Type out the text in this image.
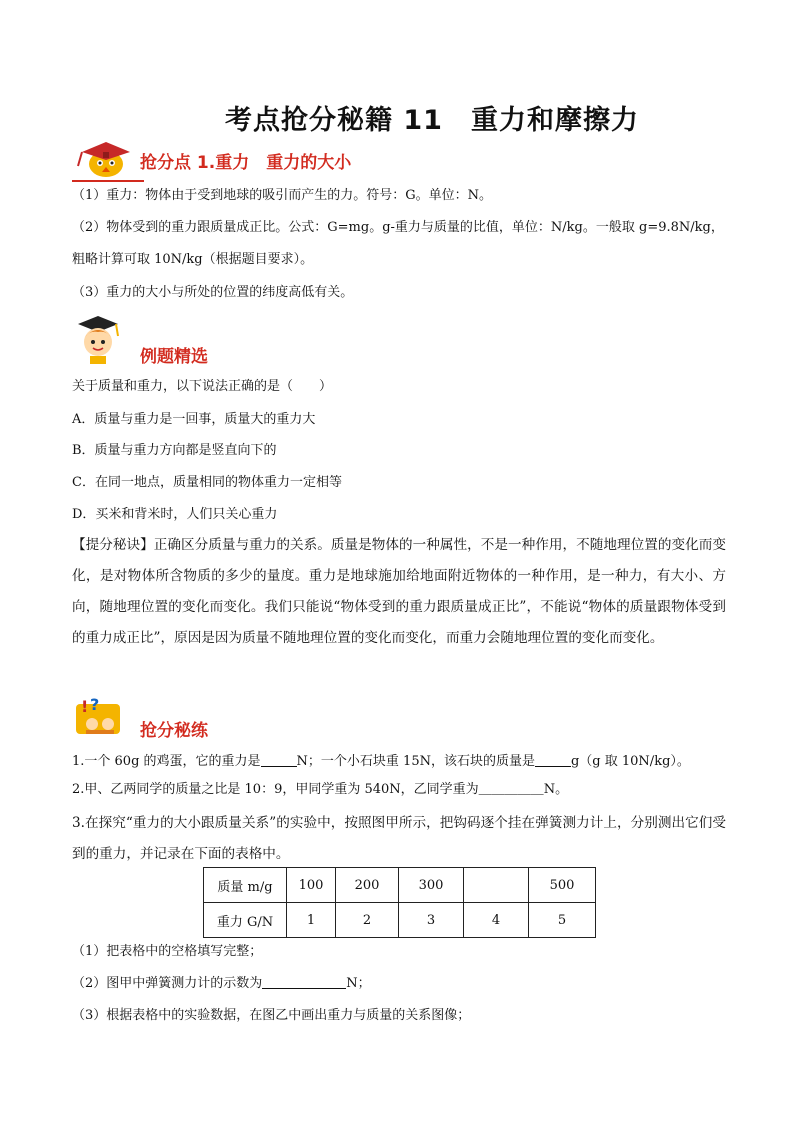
考点抢分秘籍 11　重力和摩擦力
抢分点 1.重力　重力的大小
（1）重力：物体由于受到地球的吸引而产生的力。符号：G。单位：N。
（2）物体受到的重力跟质量成正比。公式：G=mg。g-重力与质量的比值，单位：N/kg。一般取 g=9.8N/kg，
粗略计算可取 10N/kg（根据题目要求）。
（3）重力的大小与所处的位置的纬度高低有关。
例题精选
关于质量和重力，以下说法正确的是（　　）
A．质量与重力是一回事，质量大的重力大
B．质量与重力方向都是竖直向下的
C．在同一地点，质量相同的物体重力一定相等
D．买米和背米时，人们只关心重力
【提分秘诀】正确区分质量与重力的关系。质量是物体的一种属性，不是一种作用，不随地理位置的变化而变化，是对物体所含物质的多少的量度。重力是地球施加给地面附近物体的一种作用，是一种力，有大小、方向，随地理位置的变化而变化。我们只能说“物体受到的重力跟质量成正比”，不能说“物体的质量跟物体受到的重力成正比”，原因是因为质量不随地理位置的变化而变化，而重力会随地理位置的变化而变化。
! ?
抢分秘练
1.一个 60g 的鸡蛋，它的重力是	N；一个小石块重 15N，该石块的质量是	g（g 取 10N/kg）。
2.甲、乙两同学的质量之比是 10：9，甲同学重为 540N，乙同学重为＿＿＿＿＿N。
3.在探究“重力的大小跟质量关系”的实验中，按照图甲所示，把钩码逐个挂在弹簧测力计上，分别测出它们受到的重力，并记录在下面的表格中。
质量 m/g	100	200	300		500
重力 G/N	1	2	3	4	5
（1）把表格中的空格填写完整；
（2）图甲中弹簧测力计的示数为	N；
（3）根据表格中的实验数据，在图乙中画出重力与质量的关系图像；
